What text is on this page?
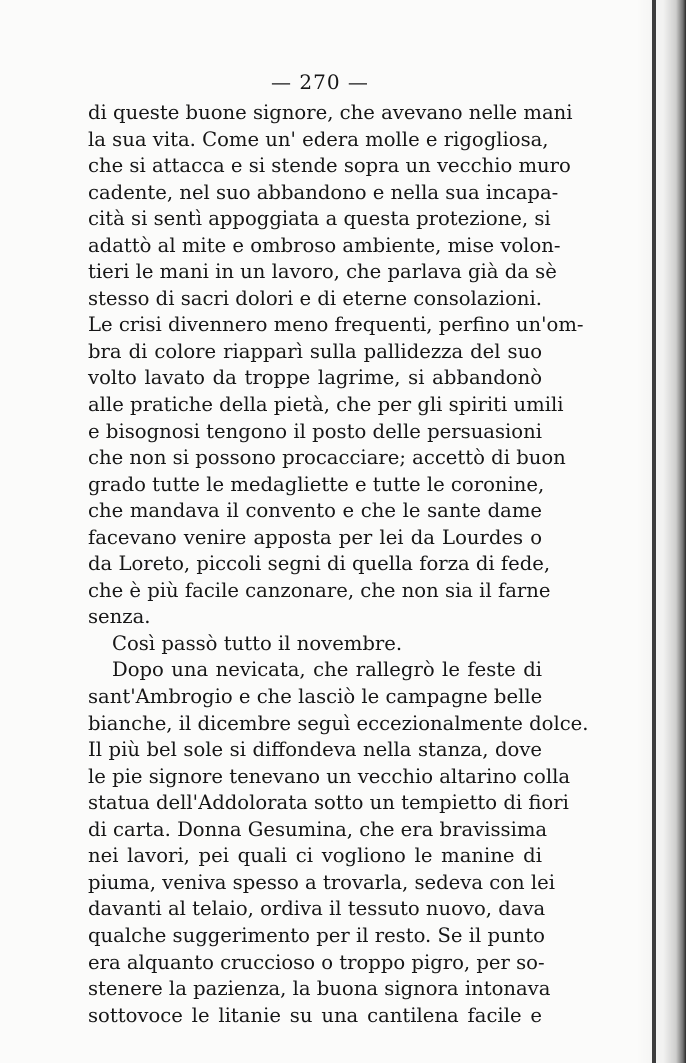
— 270 —
di queste buone signore, che avevano nelle mani
la sua vita. Come un' edera molle e rigogliosa,
che si attacca e si stende sopra un vecchio muro
cadente, nel suo abbandono e nella sua incapa-
cità si sentì appoggiata a questa protezione, si
adattò al mite e ombroso ambiente, mise volon-
tieri le mani in un lavoro, che parlava già da sè
stesso di sacri dolori e di eterne consolazioni.
Le crisi divennero meno frequenti, perfino un'om-
bra di colore riapparì sulla pallidezza del suo
volto lavato da troppe lagrime, si abbandonò
alle pratiche della pietà, che per gli spiriti umili
e bisognosi tengono il posto delle persuasioni
che non si possono procacciare; accettò di buon
grado tutte le medagliette e tutte le coronine,
che mandava il convento e che le sante dame
facevano venire apposta per lei da Lourdes o
da Loreto, piccoli segni di quella forza di fede,
che è più facile canzonare, che non sia il farne
senza.
Così passò tutto il novembre.
Dopo una nevicata, che rallegrò le feste di
sant'Ambrogio e che lasciò le campagne belle
bianche, il dicembre seguì eccezionalmente dolce.
Il più bel sole si diffondeva nella stanza, dove
le pie signore tenevano un vecchio altarino colla
statua dell'Addolorata sotto un tempietto di fiori
di carta. Donna Gesumina, che era bravissima
nei lavori, pei quali ci vogliono le manine di
piuma, veniva spesso a trovarla, sedeva con lei
davanti al telaio, ordiva il tessuto nuovo, dava
qualche suggerimento per il resto. Se il punto
era alquanto cruccioso o troppo pigro, per so-
stenere la pazienza, la buona signora intonava
sottovoce le litanie su una cantilena facile e
